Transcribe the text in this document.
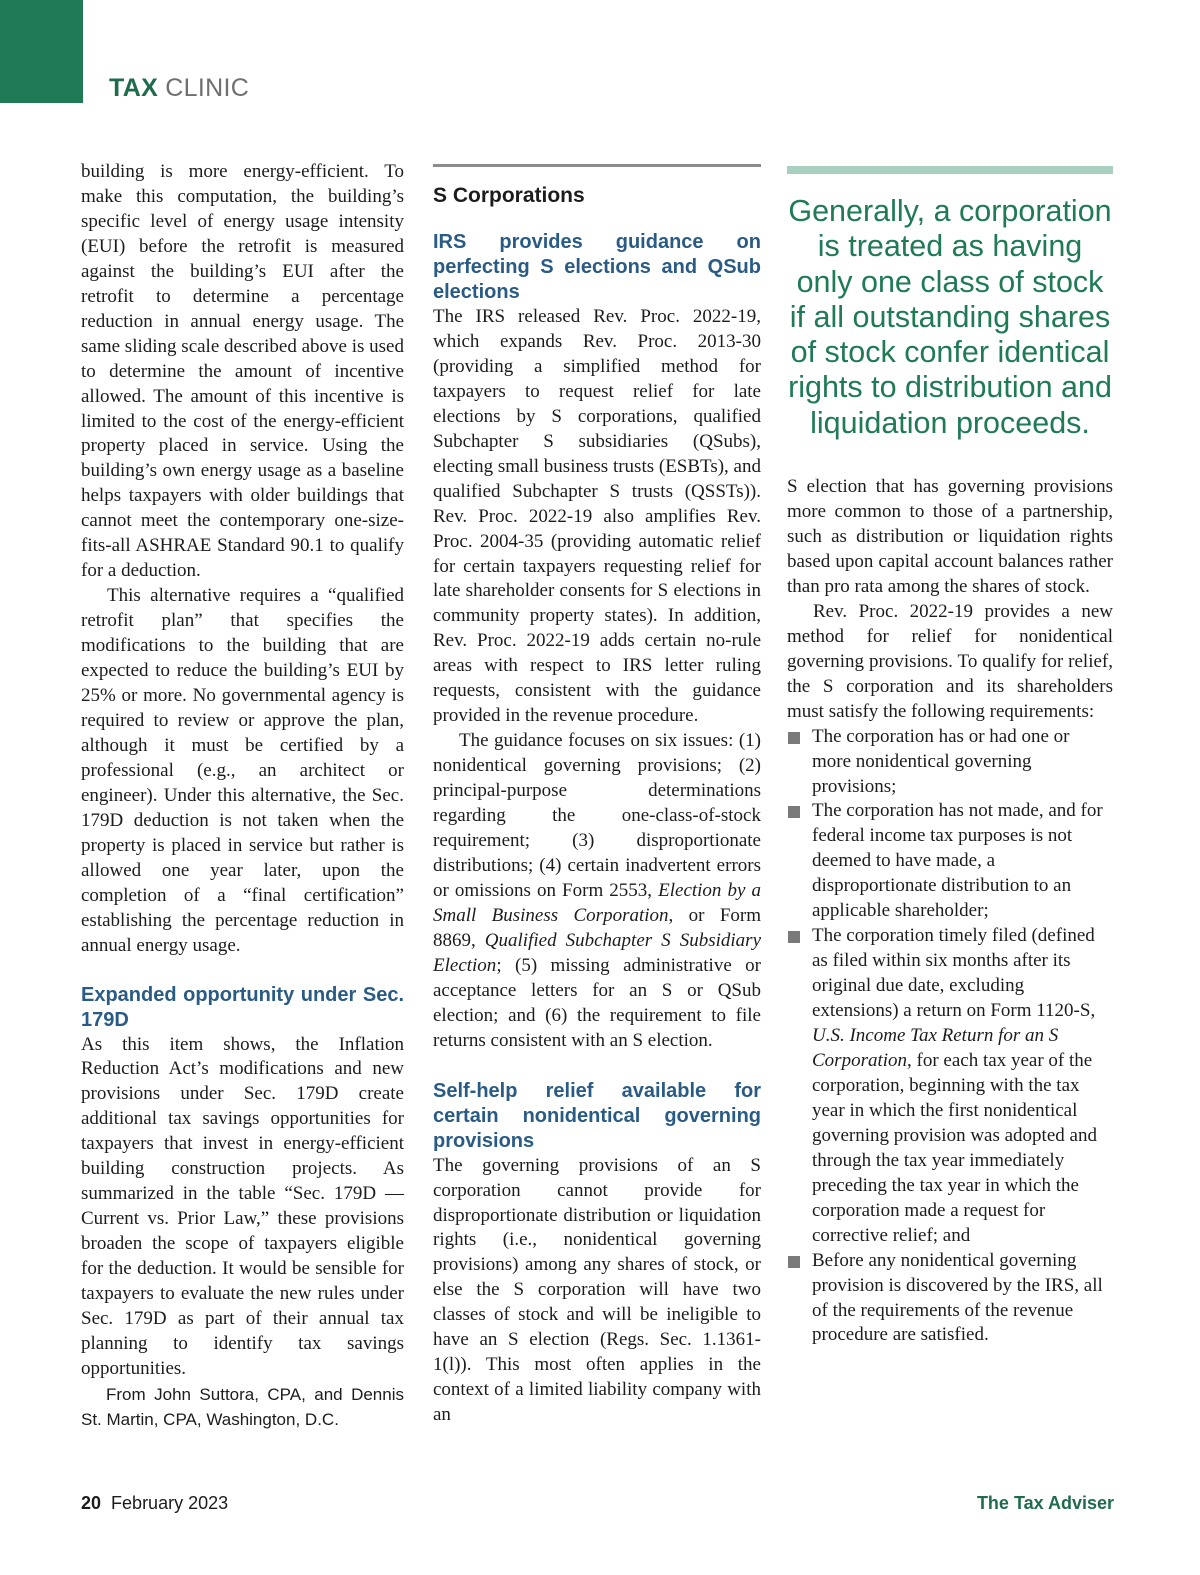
TAX CLINIC

building is more energy-efficient. To make this computation, the building’s specific level of energy usage intensity (EUI) before the retrofit is measured against the building’s EUI after the retrofit to determine a percentage reduction in annual energy usage. The same sliding scale described above is used to determine the amount of incentive allowed. The amount of this incentive is limited to the cost of the energy-efficient property placed in service. Using the building’s own energy usage as a baseline helps taxpayers with older buildings that cannot meet the contemporary one-size-fits-all ASHRAE Standard 90.1 to qualify for a deduction.

This alternative requires a “qualified retrofit plan” that specifies the modifications to the building that are expected to reduce the building’s EUI by 25% or more. No governmental agency is required to review or approve the plan, although it must be certified by a professional (e.g., an architect or engineer). Under this alternative, the Sec. 179D deduction is not taken when the property is placed in service but rather is allowed one year later, upon the completion of a “final certification” establishing the percentage reduction in annual energy usage.

Expanded opportunity under Sec. 179D

As this item shows, the Inflation Reduction Act’s modifications and new provisions under Sec. 179D create additional tax savings opportunities for taxpayers that invest in energy-efficient building construction projects. As summarized in the table “Sec. 179D — Current vs. Prior Law,” these provisions broaden the scope of taxpayers eligible for the deduction. It would be sensible for taxpayers to evaluate the new rules under Sec. 179D as part of their annual tax planning to identify tax savings opportunities.

From John Suttora, CPA, and Dennis St. Martin, CPA, Washington, D.C.

S Corporations

IRS provides guidance on perfecting S elections and QSub elections

The IRS released Rev. Proc. 2022-19, which expands Rev. Proc. 2013-30 (providing a simplified method for taxpayers to request relief for late elections by S corporations, qualified Subchapter S subsidiaries (QSubs), electing small business trusts (ESBTs), and qualified Subchapter S trusts (QSSTs)). Rev. Proc. 2022-19 also amplifies Rev. Proc. 2004-35 (providing automatic relief for certain taxpayers requesting relief for late shareholder consents for S elections in community property states). In addition, Rev. Proc. 2022-19 adds certain no-rule areas with respect to IRS letter ruling requests, consistent with the guidance provided in the revenue procedure.

The guidance focuses on six issues: (1) nonidentical governing provisions; (2) principal-purpose determinations regarding the one-class-of-stock requirement; (3) disproportionate distributions; (4) certain inadvertent errors or omissions on Form 2553, Election by a Small Business Corporation, or Form 8869, Qualified Subchapter S Subsidiary Election; (5) missing administrative or acceptance letters for an S or QSub election; and (6) the requirement to file returns consistent with an S election.

Self-help relief available for certain nonidentical governing provisions

The governing provisions of an S corporation cannot provide for disproportionate distribution or liquidation rights (i.e., nonidentical governing provisions) among any shares of stock, or else the S corporation will have two classes of stock and will be ineligible to have an S election (Regs. Sec. 1.1361-1(l)). This most often applies in the context of a limited liability company with an

Generally, a corporation is treated as having only one class of stock if all outstanding shares of stock confer identical rights to distribution and liquidation proceeds.

S election that has governing provisions more common to those of a partnership, such as distribution or liquidation rights based upon capital account balances rather than pro rata among the shares of stock.

Rev. Proc. 2022-19 provides a new method for relief for nonidentical governing provisions. To qualify for relief, the S corporation and its shareholders must satisfy the following requirements:

The corporation has or had one or more nonidentical governing provisions;
The corporation has not made, and for federal income tax purposes is not deemed to have made, a disproportionate distribution to an applicable shareholder;
The corporation timely filed (defined as filed within six months after its original due date, excluding extensions) a return on Form 1120-S, U.S. Income Tax Return for an S Corporation, for each tax year of the corporation, beginning with the tax year in which the first nonidentical governing provision was adopted and through the tax year immediately preceding the tax year in which the corporation made a request for corrective relief; and
Before any nonidentical governing provision is discovered by the IRS, all of the requirements of the revenue procedure are satisfied.
20 February 2023	The Tax Adviser
